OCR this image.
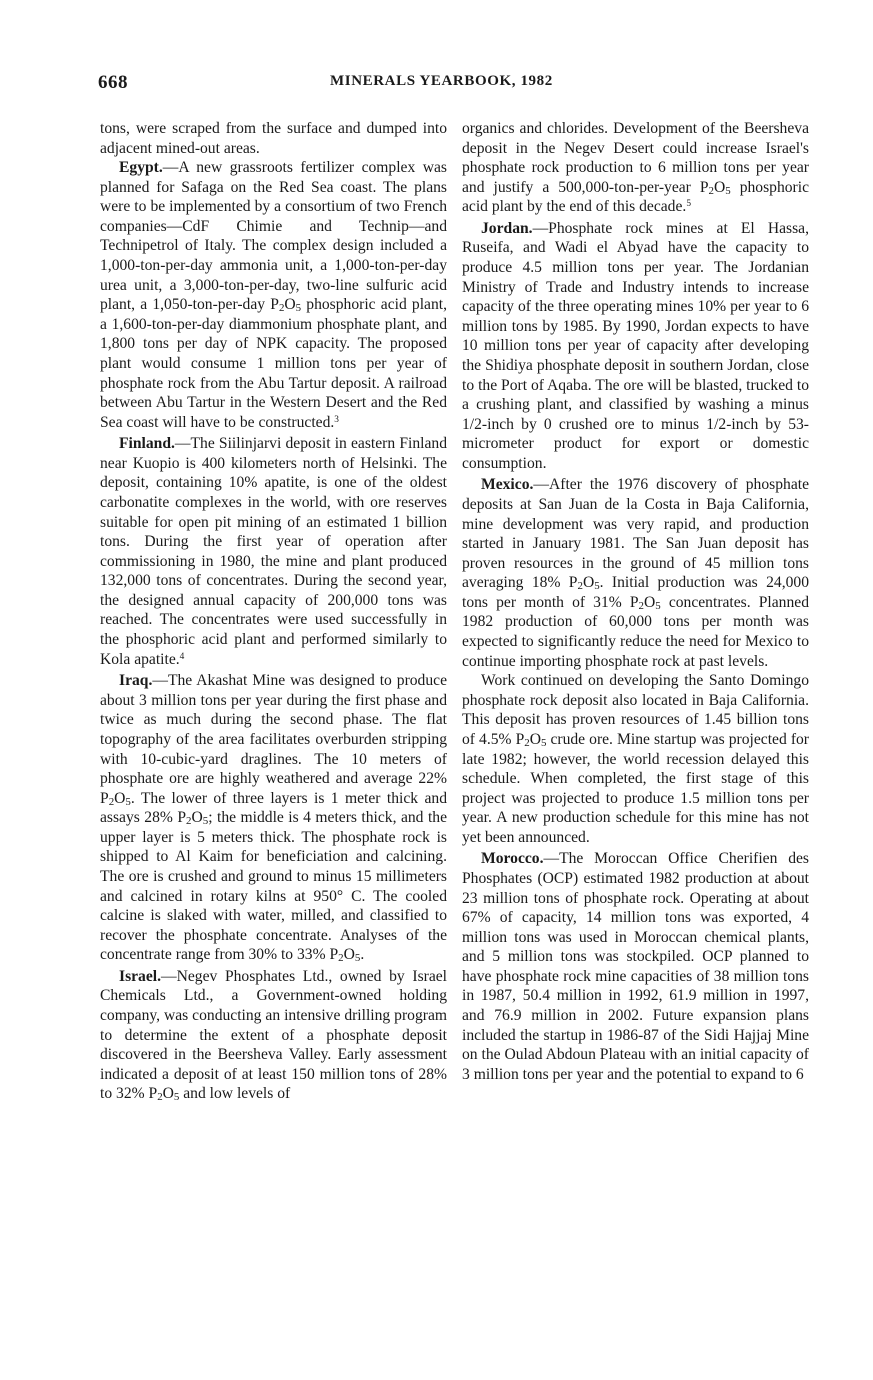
668	MINERALS YEARBOOK, 1982

tons, were scraped from the surface and dumped into adjacent mined-out areas.

Egypt.—A new grassroots fertilizer complex was planned for Safaga on the Red Sea coast. The plans were to be implemented by a consortium of two French companies—CdF Chimie and Technip—and Technipetrol of Italy. The complex design included a 1,000-ton-per-day ammonia unit, a 1,000-ton-per-day urea unit, a 3,000-ton-per-day, two-line sulfuric acid plant, a 1,050-ton-per-day $P_2O_5$ phosphoric acid plant, a 1,600-ton-per-day diammonium phosphate plant, and 1,800 tons per day of NPK capacity. The proposed plant would consume 1 million tons per year of phosphate rock from the Abu Tartur deposit. A railroad between Abu Tartur in the Western Desert and the Red Sea coast will have to be constructed.$^3$

Finland.—The Siilinjarvi deposit in eastern Finland near Kuopio is 400 kilometers north of Helsinki. The deposit, containing 10% apatite, is one of the oldest carbonatite complexes in the world, with ore reserves suitable for open pit mining of an estimated 1 billion tons. During the first year of operation after commissioning in 1980, the mine and plant produced 132,000 tons of concentrates. During the second year, the designed annual capacity of 200,000 tons was reached. The concentrates were used successfully in the phosphoric acid plant and performed similarly to Kola apatite.$^4$

Iraq.—The Akashat Mine was designed to produce about 3 million tons per year during the first phase and twice as much during the second phase. The flat topography of the area facilitates overburden stripping with 10-cubic-yard draglines. The 10 meters of phosphate ore are highly weathered and average 22% $P_2O_5$. The lower of three layers is 1 meter thick and assays 28% $P_2O_5$; the middle is 4 meters thick, and the upper layer is 5 meters thick. The phosphate rock is shipped to Al Kaim for beneficiation and calcining. The ore is crushed and ground to minus 15 millimeters and calcined in rotary kilns at 950° C. The cooled calcine is slaked with water, milled, and classified to recover the phosphate concentrate. Analyses of the concentrate range from 30% to 33% $P_2O_5$.

Israel.—Negev Phosphates Ltd., owned by Israel Chemicals Ltd., a Government-owned holding company, was conducting an intensive drilling program to determine the extent of a phosphate deposit discovered in the Beersheva Valley. Early assessment indicated a deposit of at least 150 million tons of 28% to 32% $P_2O_5$ and low levels of

organics and chlorides. Development of the Beersheva deposit in the Negev Desert could increase Israel's phosphate rock production to 6 million tons per year and justify a 500,000-ton-per-year $P_2O_5$ phosphoric acid plant by the end of this decade.$^5$

Jordan.—Phosphate rock mines at El Hassa, Ruseifa, and Wadi el Abyad have the capacity to produce 4.5 million tons per year. The Jordanian Ministry of Trade and Industry intends to increase capacity of the three operating mines 10% per year to 6 million tons by 1985. By 1990, Jordan expects to have 10 million tons per year of capacity after developing the Shidiya phosphate deposit in southern Jordan, close to the Port of Aqaba. The ore will be blasted, trucked to a crushing plant, and classified by washing a minus 1/2-inch by 0 crushed ore to minus 1/2-inch by 53-micrometer product for export or domestic consumption.

Mexico.—After the 1976 discovery of phosphate deposits at San Juan de la Costa in Baja California, mine development was very rapid, and production started in January 1981. The San Juan deposit has proven resources in the ground of 45 million tons averaging 18% $P_2O_5$. Initial production was 24,000 tons per month of 31% $P_2O_5$ concentrates. Planned 1982 production of 60,000 tons per month was expected to significantly reduce the need for Mexico to continue importing phosphate rock at past levels.

Work continued on developing the Santo Domingo phosphate rock deposit also located in Baja California. This deposit has proven resources of 1.45 billion tons of 4.5% $P_2O_5$ crude ore. Mine startup was projected for late 1982; however, the world recession delayed this schedule. When completed, the first stage of this project was projected to produce 1.5 million tons per year. A new production schedule for this mine has not yet been announced.

Morocco.—The Moroccan Office Cherifien des Phosphates (OCP) estimated 1982 production at about 23 million tons of phosphate rock. Operating at about 67% of capacity, 14 million tons was exported, 4 million tons was used in Moroccan chemical plants, and 5 million tons was stockpiled. OCP planned to have phosphate rock mine capacities of 38 million tons in 1987, 50.4 million in 1992, 61.9 million in 1997, and 76.9 million in 2002. Future expansion plans included the startup in 1986-87 of the Sidi Hajjaj Mine on the Oulad Abdoun Plateau with an initial capacity of 3 million tons per year and the potential to expand to 6
